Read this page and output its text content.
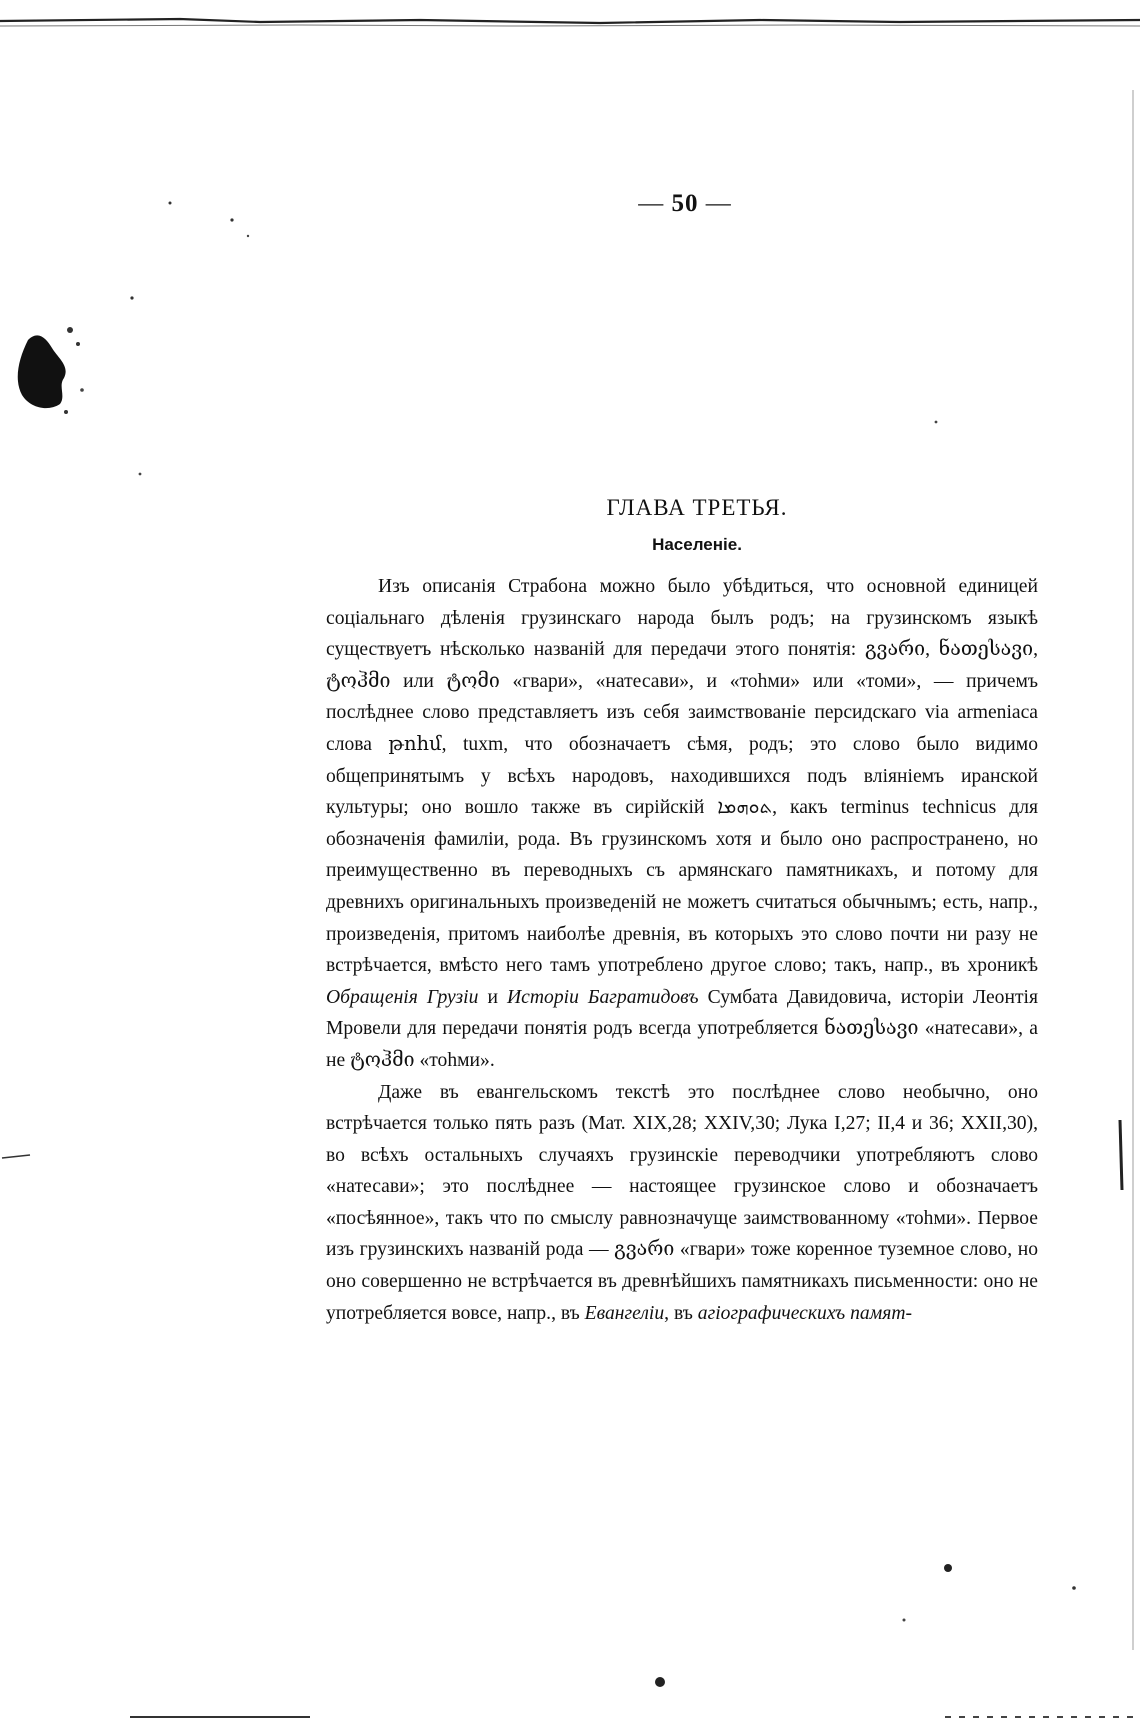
— 50 —
ГЛАВА ТРЕТЬЯ.
Населеніе.

Изъ описанія Страбона можно было убѣдиться, что основной единицей соціальнаго дѣленія грузинскаго народа былъ родъ; на грузинскомъ языкѣ существуетъ нѣсколько названій для передачи этого понятія: გვარი, ნათესავი, ტოჰმი или ტომი «гвари», «натесави», и «тоhми» или «томи», — причемъ послѣднее слово представляетъ изъ себя заимствованіе персидскаго via armeniaca слова թոհմ, tuxm, что обозначаетъ сѣмя, родъ; это слово было видимо общепринятымъ у всѣхъ народовъ, находившихся подъ вліяніемъ иранской культуры; оно вошло также въ сирійскій ܬܘܗܡܐ, какъ terminus technicus для обозначенія фамиліи, рода. Въ грузинскомъ хотя и было оно распространено, но преимущественно въ переводныхъ съ армянскаго памятникахъ, и потому для древнихъ оригинальныхъ произведеній не можетъ считаться обычнымъ; есть, напр., произведенія, притомъ наиболѣе древнія, въ которыхъ это слово почти ни разу не встрѣчается, вмѣсто него тамъ употреблено другое слово; такъ, напр., въ хроникѣ Обращенія Грузіи и Исторіи Багратидовъ Сумбата Давидовича, исторіи Леонтія Мровели для передачи понятія родъ всегда употребляется ნათესავი «натесави», а не ტოჰმი «тоhми».

Даже въ евангельскомъ текстѣ это послѣднее слово необычно, оно встрѣчается только пять разъ (Мат. XIX,28; XXIV,30; Лука I,27; II,4 и 36; XXII,30), во всѣхъ остальныхъ случаяхъ грузинскіе переводчики употребляютъ слово «натесави»; это послѣднее — настоящее грузинское слово и обозначаетъ «посѣянное», такъ что по смыслу равнозначуще заимствованному «тоhми». Первое изъ грузинскихъ названій рода — გვარი «гвари» тоже коренное туземное слово, но оно совершенно не встрѣчается въ древнѣйшихъ памятникахъ письменности: оно не употребляется вовсе, напр., въ Евангеліи, въ агіографическихъ памят-
